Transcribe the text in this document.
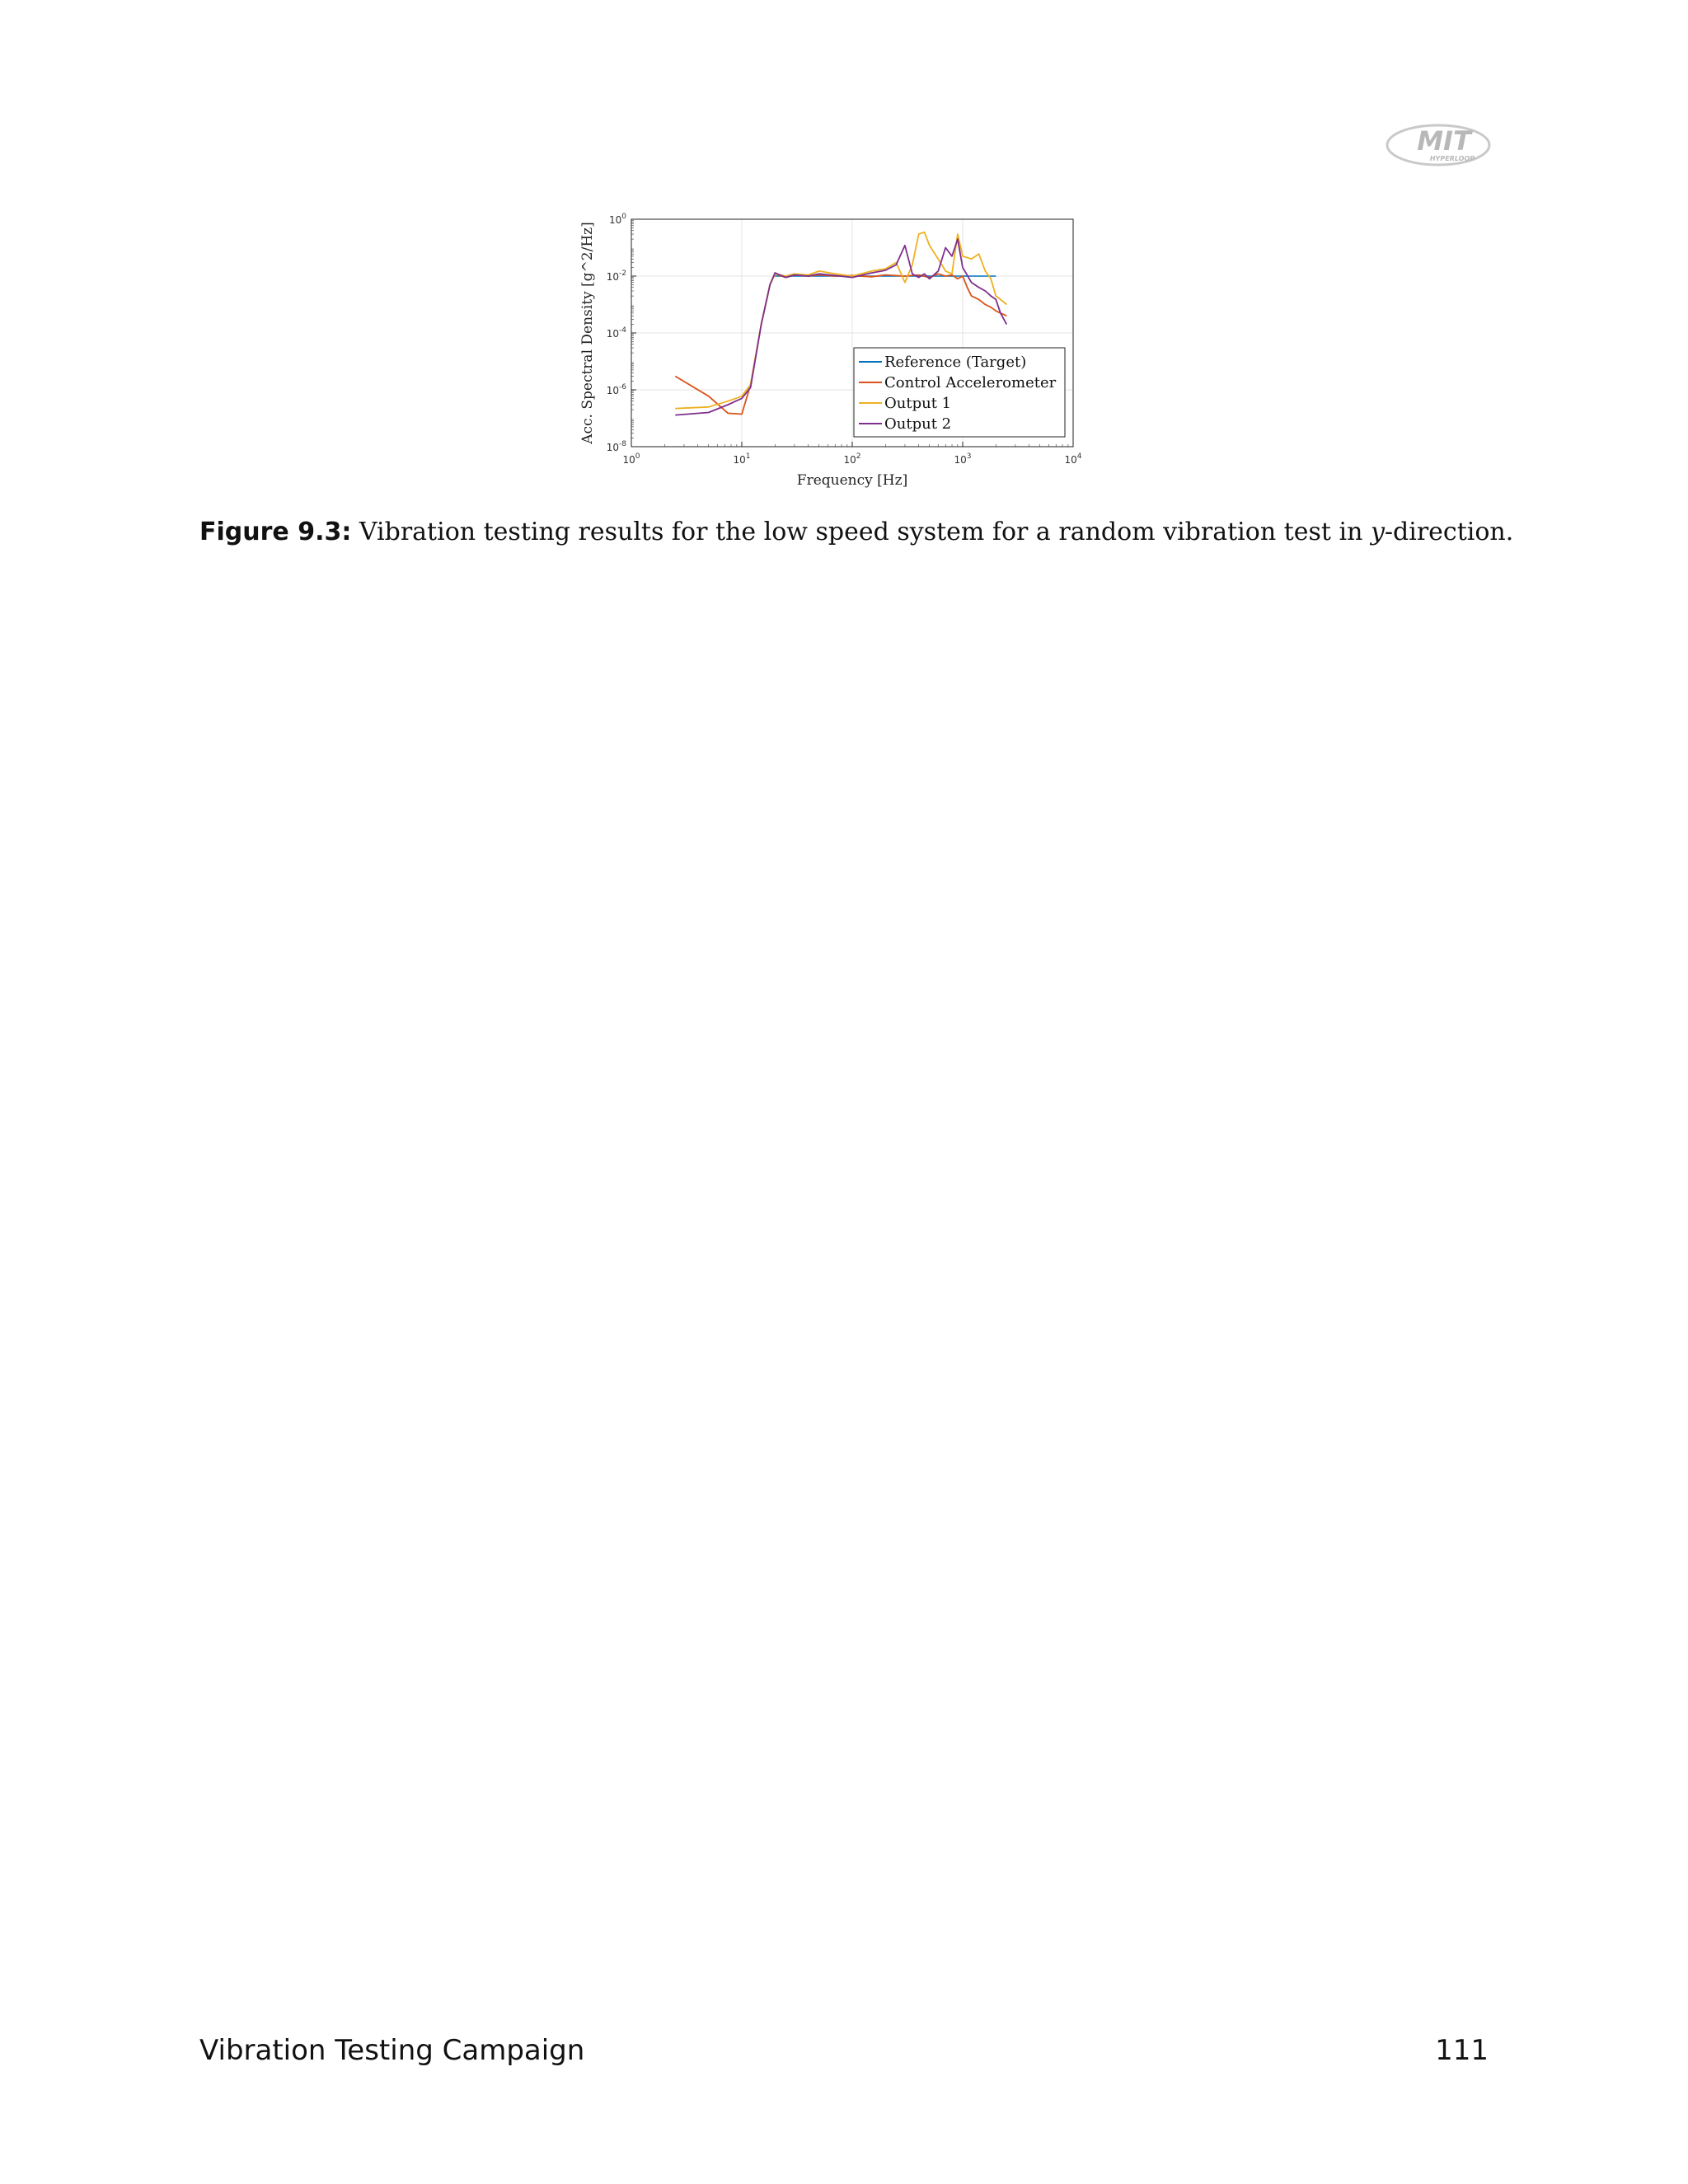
MIT
HYPERLOOP
$10^0$	$10^1$	$10^2$	$10^3$	$10^4$
$10^0$
$10^{-2}$
$10^{-4}$
$10^{-6}$
$10^{-8}$
Frequency [Hz]
Acc. Spectral Density [g^2/Hz]	Reference (Target)
Control Accelerometer
Output 1
Output 2
Figure 9.3: Vibration testing results for the low speed system for a random vibration test in y-direction.
Vibration Testing Campaign	111
